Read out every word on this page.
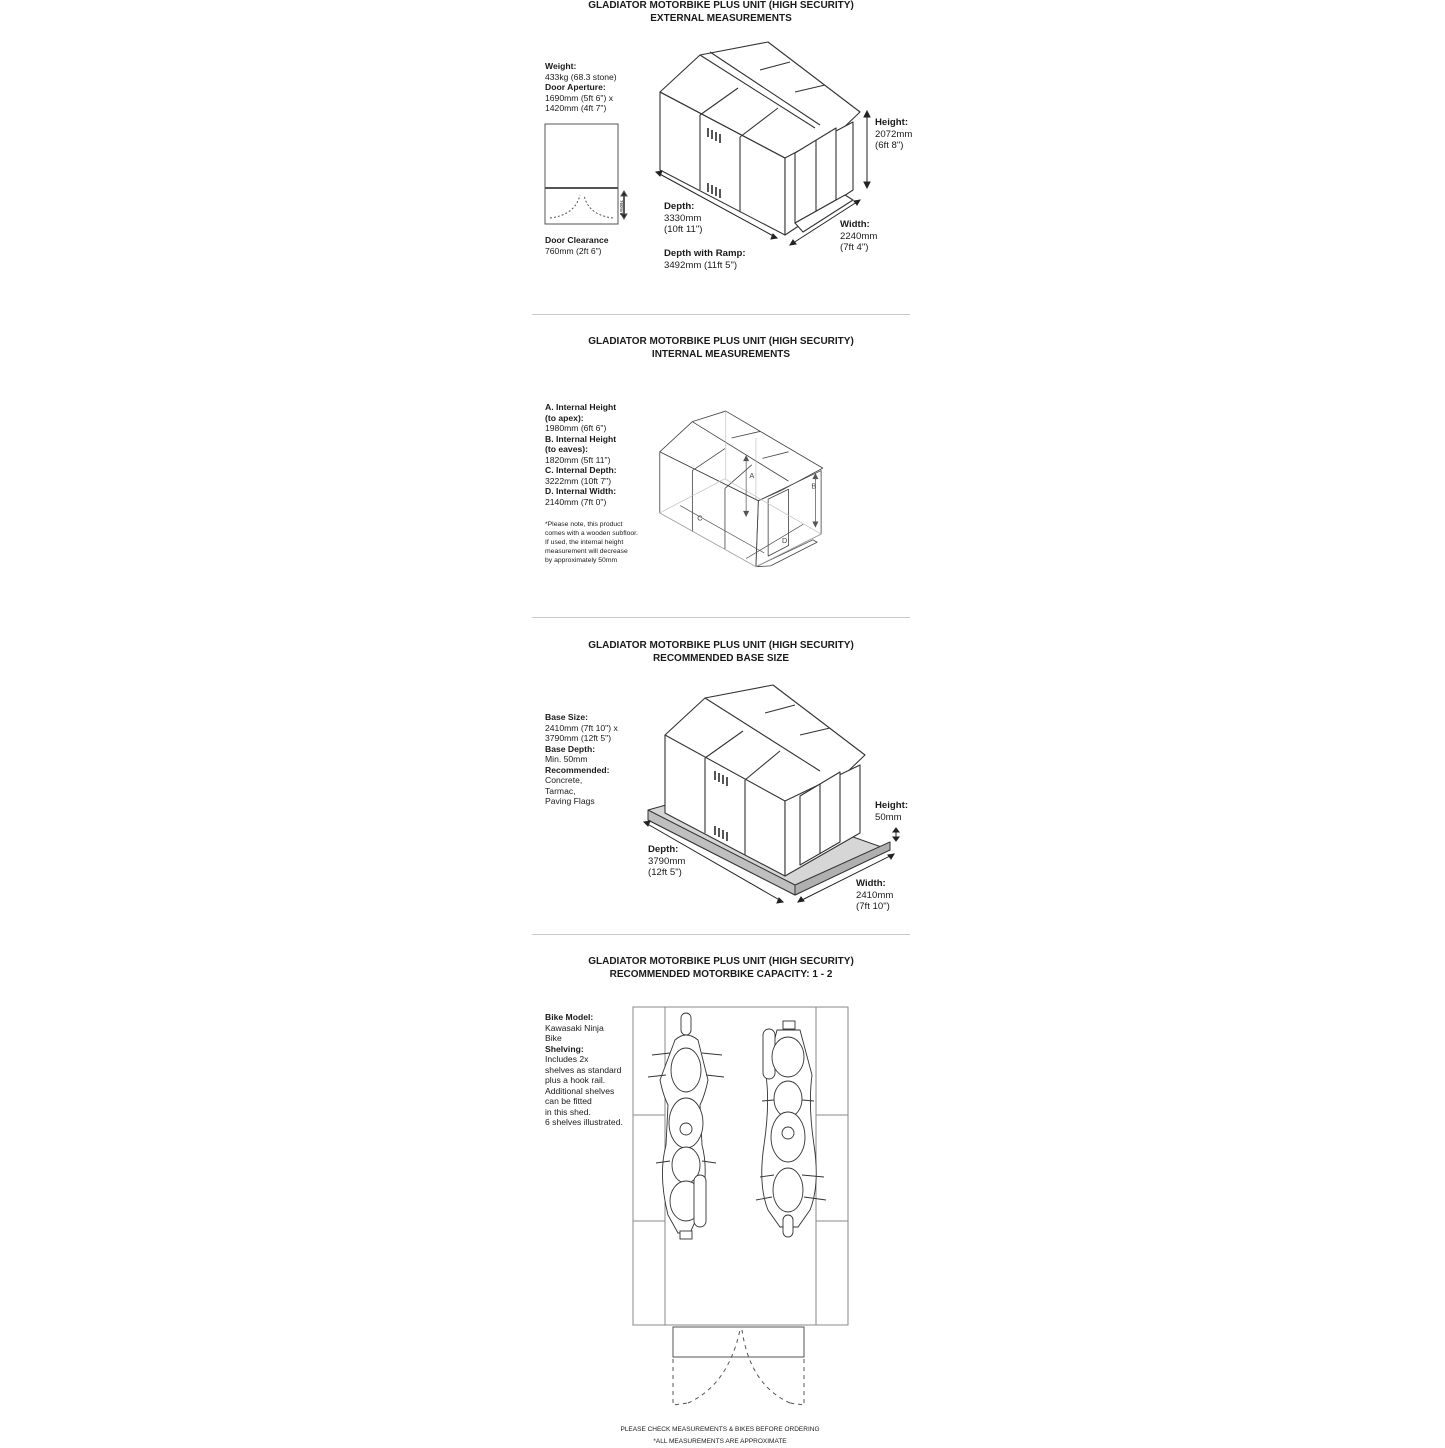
GLADIATOR MOTORBIKE PLUS UNIT (HIGH SECURITY)
EXTERNAL MEASUREMENTS
Weight:
433kg (68.3 stone)
Door Aperture:
1690mm (5ft 6") x
1420mm (4ft 7")
760mm
Door Clearance
760mm (2ft 6")
Height:
2072mm
(6ft 8")
Depth:
3330mm
(10ft 11")	Width:
2240mm
(7ft 4")
Depth with Ramp:
3492mm (11ft 5")
GLADIATOR MOTORBIKE PLUS UNIT (HIGH SECURITY)
INTERNAL MEASUREMENTS
A. Internal Height
(to apex):
1980mm (6ft 6")
B. Internal Height
(to eaves):
1820mm (5ft 11")
C. Internal Depth:
3222mm (10ft 7")
D. Internal Width:
2140mm (7ft 0")
*Please note, this product
comes with a wooden subfloor.
If used, the internal height
measurement will decrease
by approximately 50mm
A
B
C
D
GLADIATOR MOTORBIKE PLUS UNIT (HIGH SECURITY)
RECOMMENDED BASE SIZE
Base Size:
2410mm (7ft 10") x
3790mm (12ft 5")
Base Depth:
Min. 50mm
Recommended:
Concrete,
Tarmac,
Paving Flags	Height:
50mm
Depth:
3790mm
(12ft 5")
Width:
2410mm
(7ft 10")
GLADIATOR MOTORBIKE PLUS UNIT (HIGH SECURITY)
RECOMMENDED MOTORBIKE CAPACITY: 1 - 2
Bike Model:
Kawasaki Ninja
Bike
Shelving:
Includes 2x
shelves as standard
plus a hook rail.
Additional shelves
can be fitted
in this shed.
6 shelves illustrated.
PLEASE CHECK MEASUREMENTS & BIKES BEFORE ORDERING
*ALL MEASUREMENTS ARE APPROXIMATE
